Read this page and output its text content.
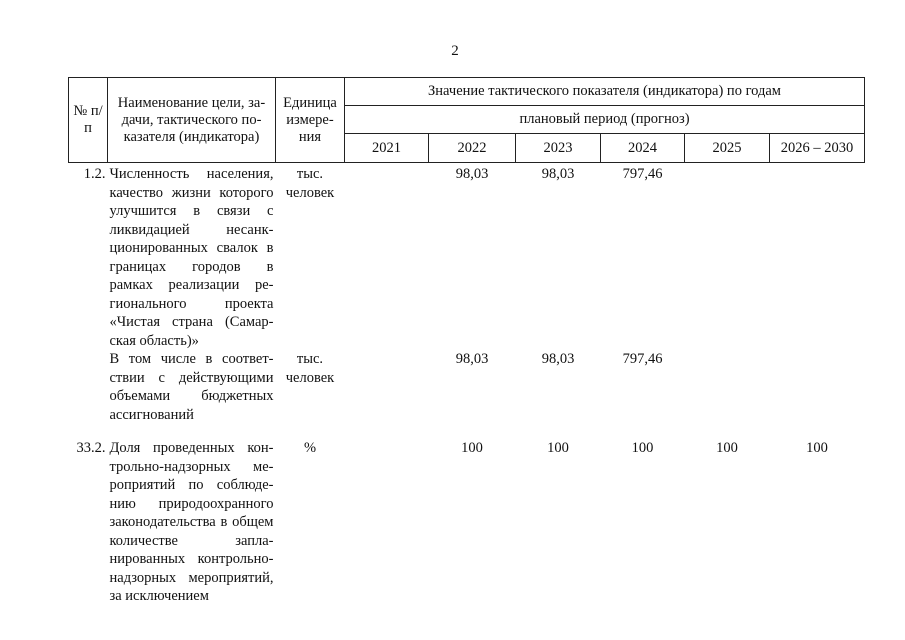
2
№ п/п	Наименование цели, задачи, тактического показателя (индикатора)	Единица измерения	Значение тактического показателя (индикатора) по годам					
			плановый период (прогноз)					
			2021	2022	2023	2024	2025	2026 – 2030
1.2.	Численность населения, качество жизни которого улучшится в связи с ликвидацией несанкционированных свалок в границах городов в рамках реализации регионального проекта «Чистая страна (Самарская область)»	тыс. человек		98,03	98,03	797,46		
	В том числе в соответствии с действующими объемами бюджетных ассигнований	тыс. человек		98,03	98,03	797,46		
33.2.	Доля проведенных контрольно-надзорных мероприятий по соблюдению природоохранного законодательства в общем количестве запланированных контрольно-надзорных мероприятий, за исключением	%		100	100	100	100	100
